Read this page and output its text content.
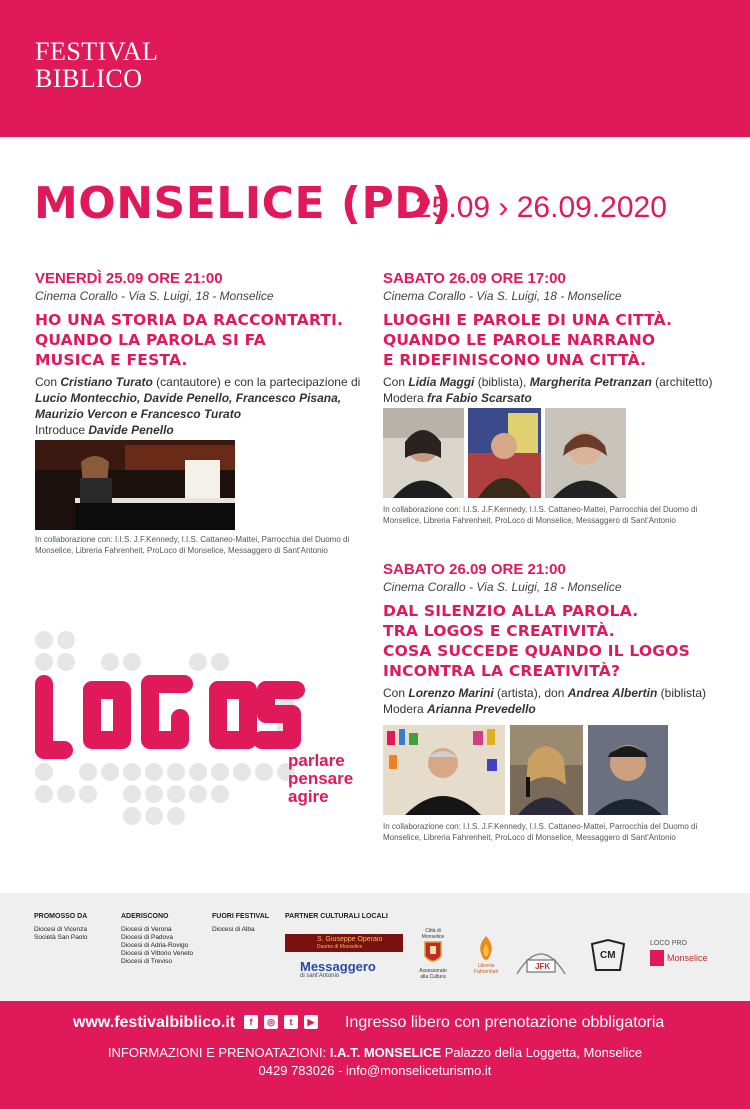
FESTIVAL
BIBLICO
MONSELICE (PD)
25.09 › 26.09.2020
VENERDÌ 25.09 ORE 21:00
Cinema Corallo - Via S. Luigi, 18 - Monselice
HO UNA STORIA DA RACCONTARTI.
QUANDO LA PAROLA SI FA
MUSICA E FESTA.
Con Cristiano Turato (cantautore) e con la partecipazione di
Lucio Montecchio, Davide Penello, Francesco Pisana,
Maurizio Vercon e Francesco Turato
Introduce Davide Penello
In collaborazione con: I.I.S. J.F.Kennedy, I.I.S. Cattaneo-Mattei, Parrocchia del Duomo di
Monselice, Libreria Fahrenheit, ProLoco di Monselice, Messaggero di Sant'Antonio
SABATO 26.09 ORE 17:00
Cinema Corallo - Via S. Luigi, 18 - Monselice
LUOGHI E PAROLE DI UNA CITTÀ.
QUANDO LE PAROLE NARRANO
E RIDEFINISCONO UNA CITTÀ.
Con Lidia Maggi (biblista), Margherita Petranzan (architetto)
Modera fra Fabio Scarsato
In collaborazione con: I.I.S. J.F.Kennedy, I.I.S. Cattaneo-Mattei, Parrocchia del Duomo di
Monselice, Libreria Fahrenheit, ProLoco di Monselice, Messaggero di Sant'Antonio
SABATO 26.09 ORE 21:00
Cinema Corallo - Via S. Luigi, 18 - Monselice
DAL SILENZIO ALLA PAROLA.
TRA LOGOS E CREATIVITÀ.
COSA SUCCEDE QUANDO IL LOGOS
INCONTRA LA CREATIVITÀ?
Con Lorenzo Marini (artista), don Andrea Albertin (biblista)
Modera Arianna Prevedello
In collaborazione con: I.I.S. J.F.Kennedy, I.I.S. Cattaneo-Mattei, Parrocchia del Duomo di
Monselice, Libreria Fahrenheit, ProLoco di Monselice, Messaggero di Sant'Antonio
parlare
pensare
agire
PROMOSSO DA
Diocesi di Vicenza
Società San Paolo
ADERISCONO
Diocesi di Verona
Diocesi di Padova
Diocesi di Adria-Rovigo
Diocesi di Vittorio Veneto
Diocesi di Treviso
FUORI FESTIVAL
Diocesi di Alba
PARTNER CULTURALI LOCALI
S. Giuseppe Operaio
Duomo di Monselice
Messaggero
di sant'Antonio
Città di Monselice
Assessorato alla Cultura
Libreria Fahrenheit
JFK
CM
LOCO PRO
Monselice
www.festivalbiblico.it	f	◎	t	▶ Ingresso libero con prenotazione obbligatoria
INFORMAZIONI E PRENOATAZIONI: I.A.T. MONSELICE Palazzo della Loggetta, Monselice
0429 783026 - info@monseliceturismo.it
